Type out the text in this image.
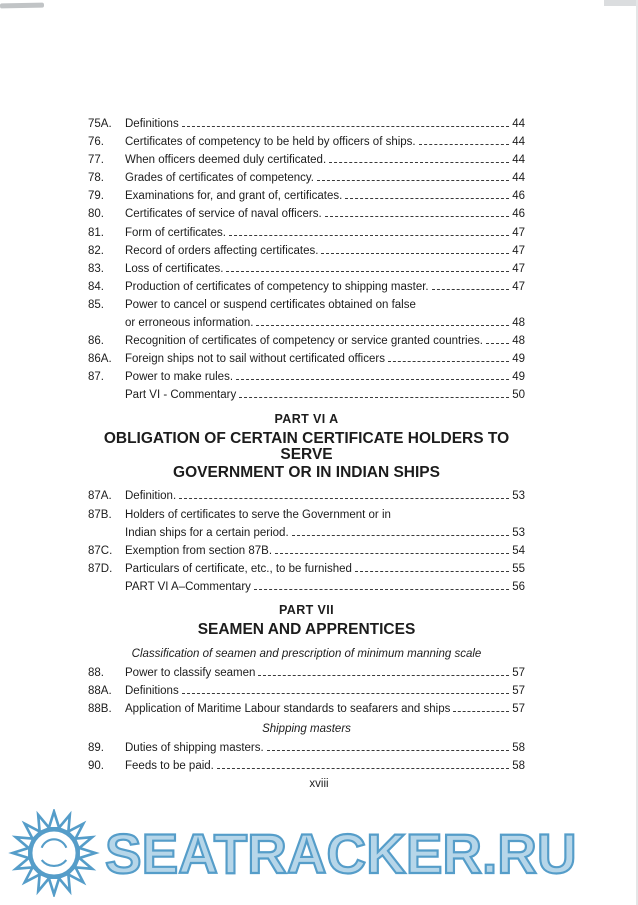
75A.	Definitions	44
76.	Certificates of competency to be held by officers of ships.	44
77.	When officers deemed duly certificated.	44
78.	Grades of certificates of competency.	44
79.	Examinations for, and grant of, certificates.	46
80.	Certificates of service of naval officers.	46
81.	Form of certificates.	47
82.	Record of orders affecting certificates.	47
83.	Loss of certificates.	47
84.	Production of certificates of competency to shipping master.	47
85.	Power to cancel or suspend certificates obtained on false
or erroneous information.	48
86.	Recognition of certificates of competency or service granted countries.	48
86A.	Foreign ships not to sail without certificated officers	49
87.	Power to make rules.	49
Part VI - Commentary	50
PART VI A
OBLIGATION OF CERTAIN CERTIFICATE HOLDERS TO SERVE
GOVERNMENT OR IN INDIAN SHIPS
87A.	Definition.	53
87B.	Holders of certificates to serve the Government or in
Indian ships for a certain period.	53
87C.	Exemption from section 87B.	54
87D.	Particulars of certificate, etc., to be furnished	55
PART VI A–Commentary	56
PART VII
SEAMEN AND APPRENTICES
Classification of seamen and prescription of minimum manning scale
88.	Power to classify seamen	57
88A.	Definitions	57
88B.	Application of Maritime Labour standards to seafarers and ships	57
Shipping masters
89.	Duties of shipping masters.	58
90.	Feeds to be paid.	58
xviii
SEATRACKER.RU
